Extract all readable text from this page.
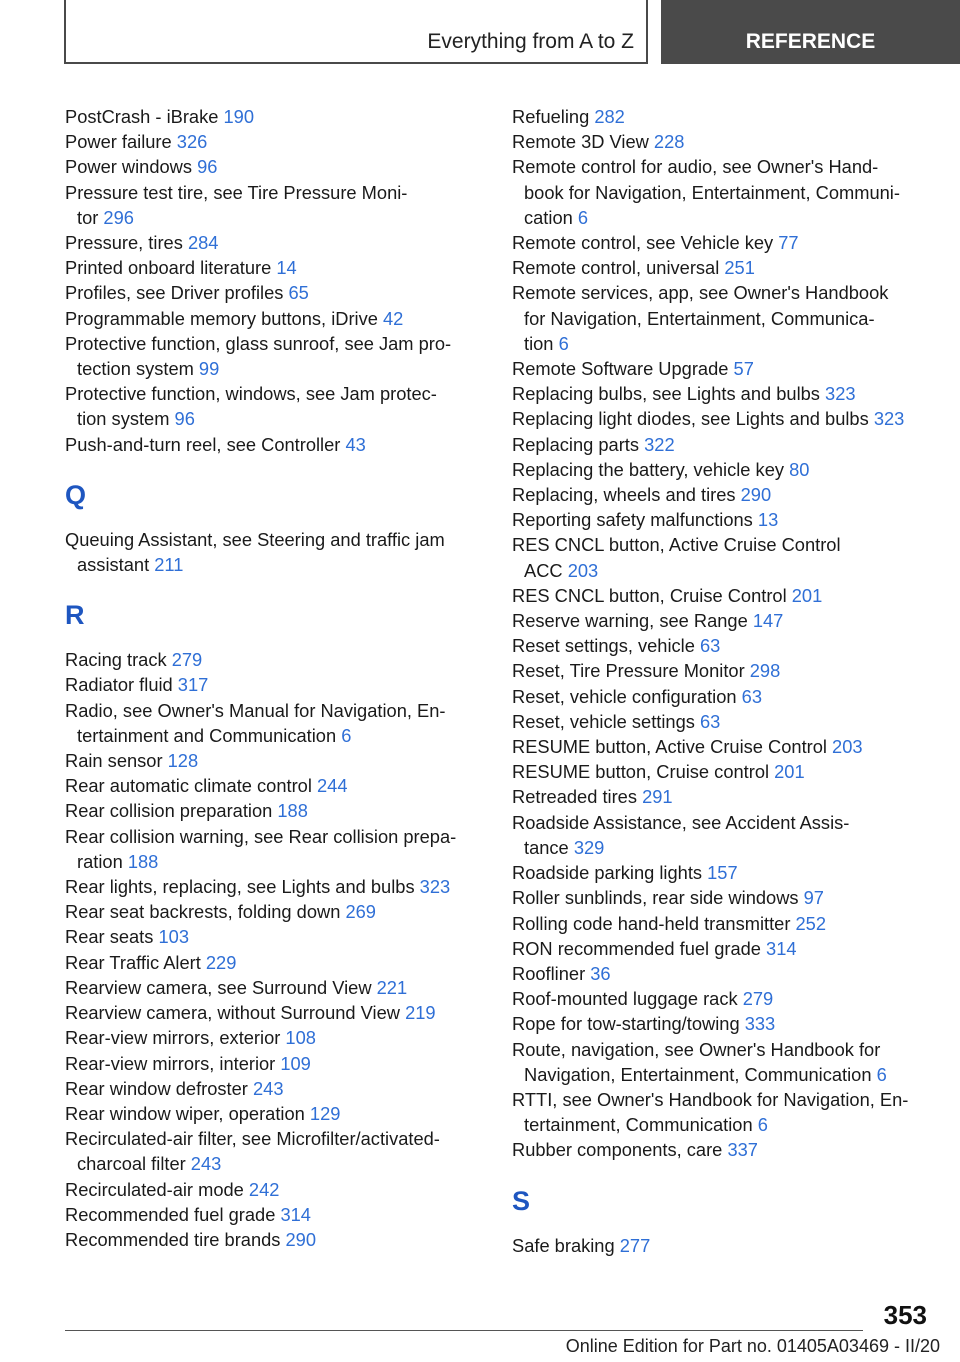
Everything from A to Z	REFERENCE
PostCrash - iBrake 190
Power failure 326
Power windows 96
Pressure test tire, see Tire Pressure Moni-
tor 296
Pressure, tires 284
Printed onboard literature 14
Profiles, see Driver profiles 65
Programmable memory buttons, iDrive 42
Protective function, glass sunroof, see Jam pro-
tection system 99
Protective function, windows, see Jam protec-
tion system 96
Push-and-turn reel, see Controller 43
Q
Queuing Assistant, see Steering and traffic jam
assistant 211
R
Racing track 279
Radiator fluid 317
Radio, see Owner's Manual for Navigation, En-
tertainment and Communication 6
Rain sensor 128
Rear automatic climate control 244
Rear collision preparation 188
Rear collision warning, see Rear collision prepa-
ration 188
Rear lights, replacing, see Lights and bulbs 323
Rear seat backrests, folding down 269
Rear seats 103
Rear Traffic Alert 229
Rearview camera, see Surround View 221
Rearview camera, without Surround View 219
Rear-view mirrors, exterior 108
Rear-view mirrors, interior 109
Rear window defroster 243
Rear window wiper, operation 129
Recirculated-air filter, see Microfilter/activated-
charcoal filter 243
Recirculated-air mode 242
Recommended fuel grade 314
Recommended tire brands 290
Refueling 282
Remote 3D View 228
Remote control for audio, see Owner's Hand-
book for Navigation, Entertainment, Communi-
cation 6
Remote control, see Vehicle key 77
Remote control, universal 251
Remote services, app, see Owner's Handbook
for Navigation, Entertainment, Communica-
tion 6
Remote Software Upgrade 57
Replacing bulbs, see Lights and bulbs 323
Replacing light diodes, see Lights and bulbs 323
Replacing parts 322
Replacing the battery, vehicle key 80
Replacing, wheels and tires 290
Reporting safety malfunctions 13
RES CNCL button, Active Cruise Control
ACC 203
RES CNCL button, Cruise Control 201
Reserve warning, see Range 147
Reset settings, vehicle 63
Reset, Tire Pressure Monitor 298
Reset, vehicle configuration 63
Reset, vehicle settings 63
RESUME button, Active Cruise Control 203
RESUME button, Cruise control 201
Retreaded tires 291
Roadside Assistance, see Accident Assis-
tance 329
Roadside parking lights 157
Roller sunblinds, rear side windows 97
Rolling code hand-held transmitter 252
RON recommended fuel grade 314
Roofliner 36
Roof-mounted luggage rack 279
Rope for tow-starting/towing 333
Route, navigation, see Owner's Handbook for
Navigation, Entertainment, Communication 6
RTTI, see Owner's Handbook for Navigation, En-
tertainment, Communication 6
Rubber components, care 337
S
Safe braking 277
353
Online Edition for Part no. 01405A03469 - II/20
